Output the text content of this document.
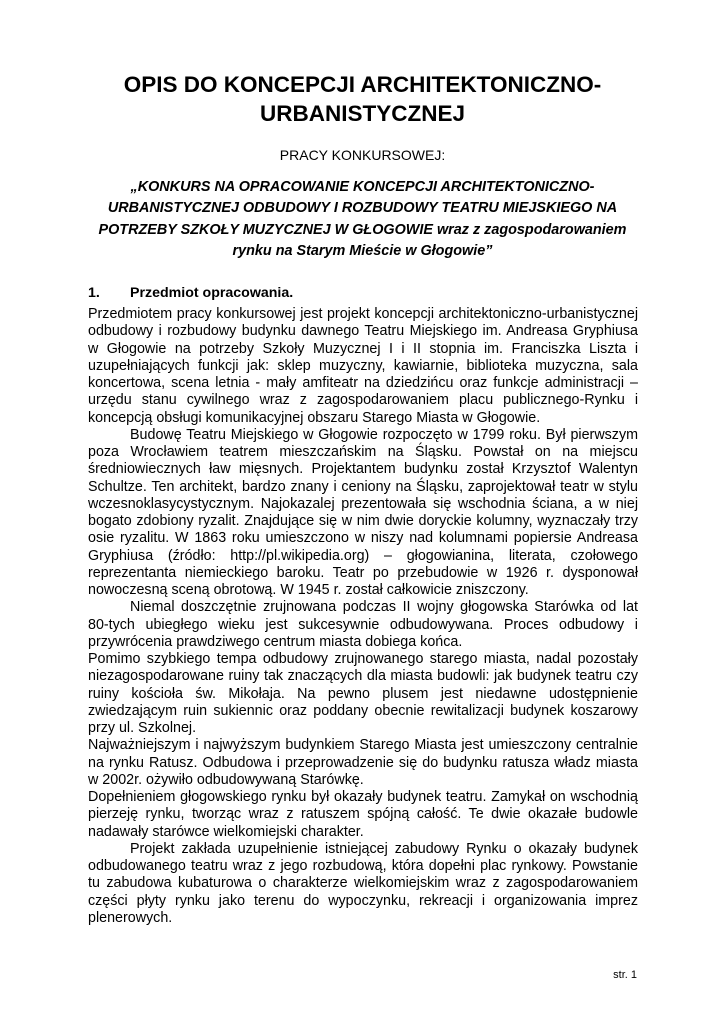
OPIS DO KONCEPCJI ARCHITEKTONICZNO-URBANISTYCZNEJ

PRACY KONKURSOWEJ:

„KONKURS NA OPRACOWANIE KONCEPCJI ARCHITEKTONICZNO-URBANISTYCZNEJ ODBUDOWY I ROZBUDOWY TEATRU MIEJSKIEGO NA POTRZEBY SZKOŁY MUZYCZNEJ W GŁOGOWIE wraz z zagospodarowaniem rynku na Starym Mieście w Głogowie”

1. Przedmiot opracowania.

Przedmiotem pracy konkursowej jest projekt koncepcji architektoniczno-urbanistycznej odbudowy i rozbudowy budynku dawnego Teatru Miejskiego im. Andreasa Gryphiusa w Głogowie na potrzeby Szkoły Muzycznej I i II stopnia im. Franciszka Liszta i uzupełniających funkcji jak: sklep muzyczny, kawiarnie, biblioteka muzyczna, sala koncertowa, scena letnia - mały amfiteatr na dziedzińcu oraz funkcje administracji – urzędu stanu cywilnego wraz z zagospodarowaniem placu publicznego-Rynku i koncepcją obsługi komunikacyjnej obszaru Starego Miasta w Głogowie.

Budowę Teatru Miejskiego w Głogowie rozpoczęto w 1799 roku. Był pierwszym poza Wrocławiem teatrem mieszczańskim na Śląsku. Powstał on na miejscu średniowiecznych ław mięsnych. Projektantem budynku został Krzysztof Walentyn Schultze. Ten architekt, bardzo znany i ceniony na Śląsku, zaprojektował teatr w stylu wczesnoklasycystycznym. Najokazalej prezentowała się wschodnia ściana, a w niej bogato zdobiony ryzalit. Znajdujące się w nim dwie doryckie kolumny, wyznaczały trzy osie ryzalitu. W 1863 roku umieszczono w niszy nad kolumnami popiersie Andreasa Gryphiusa (źródło: http://pl.wikipedia.org) – głogowianina, literata, czołowego reprezentanta niemieckiego baroku. Teatr po przebudowie w 1926 r. dysponował nowoczesną sceną obrotową. W 1945 r. został całkowicie zniszczony.

Niemal doszczętnie zrujnowana podczas II wojny głogowska Starówka od lat 80-tych ubiegłego wieku jest sukcesywnie odbudowywana. Proces odbudowy i przywrócenia prawdziwego centrum miasta dobiega końca.

Pomimo szybkiego tempa odbudowy zrujnowanego starego miasta, nadal pozostały niezagospodarowane ruiny tak znaczących dla miasta budowli: jak budynek teatru czy ruiny kościoła św. Mikołaja. Na pewno plusem jest niedawne udostępnienie zwiedzającym ruin sukiennic oraz poddany obecnie rewitalizacji budynek koszarowy przy ul. Szkolnej.

Najważniejszym i najwyższym budynkiem Starego Miasta jest umieszczony centralnie na rynku Ratusz. Odbudowa i przeprowadzenie się do budynku ratusza władz miasta w 2002r. ożywiło odbudowywaną Starówkę.

Dopełnieniem głogowskiego rynku był okazały budynek teatru. Zamykał on wschodnią pierzeję rynku, tworząc wraz z ratuszem spójną całość. Te dwie okazałe budowle nadawały starówce wielkomiejski charakter.

Projekt zakłada uzupełnienie istniejącej zabudowy Rynku o okazały budynek odbudowanego teatru wraz z jego rozbudową, która dopełni plac rynkowy. Powstanie tu zabudowa kubaturowa o charakterze wielkomiejskim wraz z zagospodarowaniem części płyty rynku jako terenu do wypoczynku, rekreacji i organizowania imprez plenerowych.

str. 1
